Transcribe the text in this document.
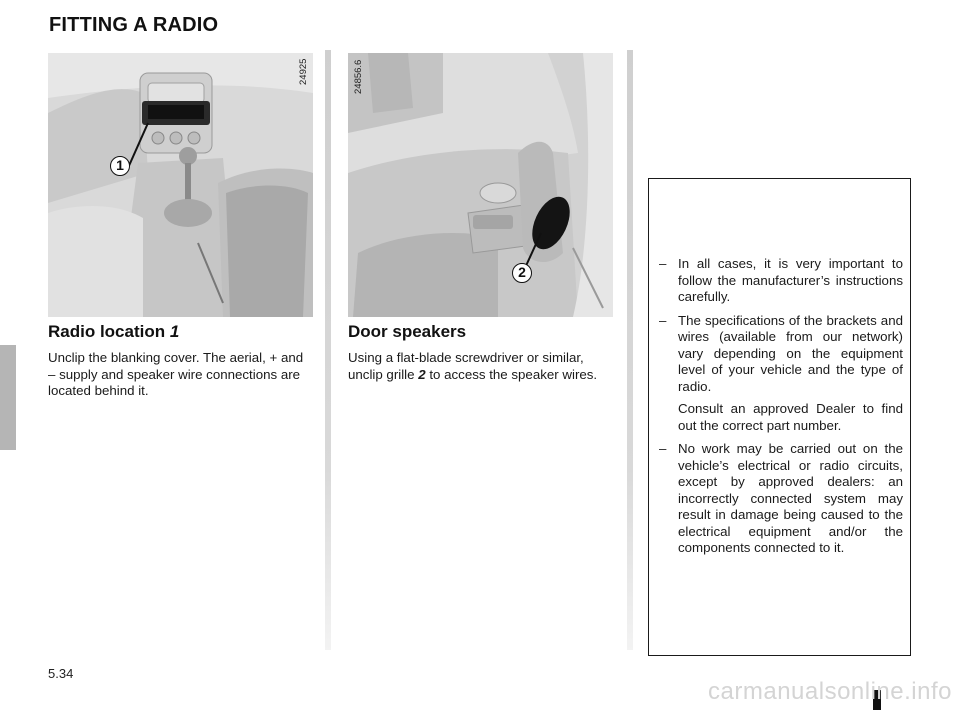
FITTING A RADIO
24925
1
24856.6
2
Radio location 1

Unclip the blanking cover. The aerial, + and – supply and speaker wire connections are located behind it.

Door speakers

Using a flat-blade screwdriver or similar, unclip grille 2 to access the speaker wires.

– In all cases, it is very important to follow the manufacturer’s instructions carefully.

– The specifications of the brackets and wires (available from our network) vary depending on the equipment level of your vehicle and the type of radio.

Consult an approved Dealer to find out the correct part number.

– No work may be carried out on the vehicle’s electrical or radio circuits, except by approved dealers: an incorrectly connected system may result in damage being caused to the electrical equipment and/or the components connected to it.

5.34
carmanualsonline.info
